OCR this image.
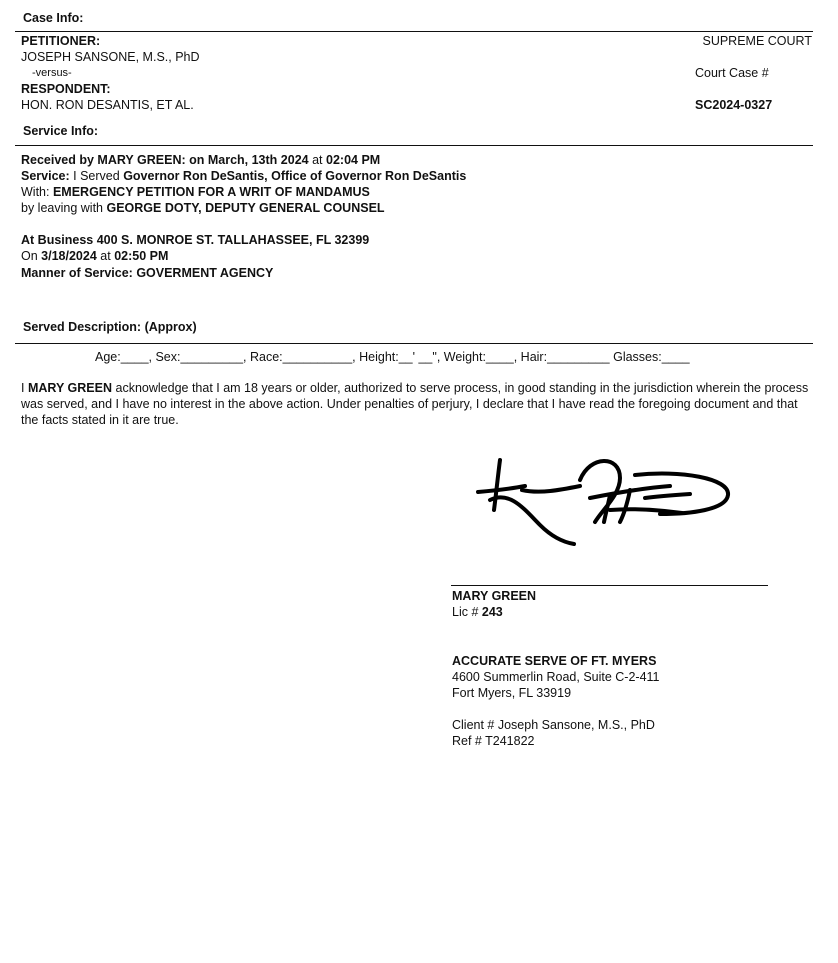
Case Info:
PETITIONER:
JOSEPH SANSONE, M.S., PhD
-versus-
RESPONDENT:
HON. RON DESANTIS, ET AL.
SUPREME COURT
Court Case #
SC2024-0327
Service Info:
Received by MARY GREEN: on March, 13th 2024 at 02:04 PM
Service: I Served Governor Ron DeSantis, Office of Governor Ron DeSantis
With: EMERGENCY PETITION FOR A WRIT OF MANDAMUS
by leaving with GEORGE DOTY, DEPUTY GENERAL COUNSEL
At Business 400 S. MONROE ST. TALLAHASSEE, FL 32399
On 3/18/2024 at 02:50 PM
Manner of Service: GOVERMENT AGENCY
Served Description: (Approx)
Age:____, Sex:_________, Race:__________, Height:__' __", Weight:____, Hair:_________ Glasses:____
I MARY GREEN acknowledge that I am 18 years or older, authorized to serve process, in good standing in the jurisdiction wherein the process was served, and I have no interest in the above action. Under penalties of perjury, I declare that I have read the foregoing document and that the facts stated in it are true.
MARY GREEN
Lic # 243
ACCURATE SERVE OF FT. MYERS
4600 Summerlin Road, Suite C-2-411
Fort Myers, FL 33919
Client # Joseph Sansone, M.S., PhD
Ref # T241822
